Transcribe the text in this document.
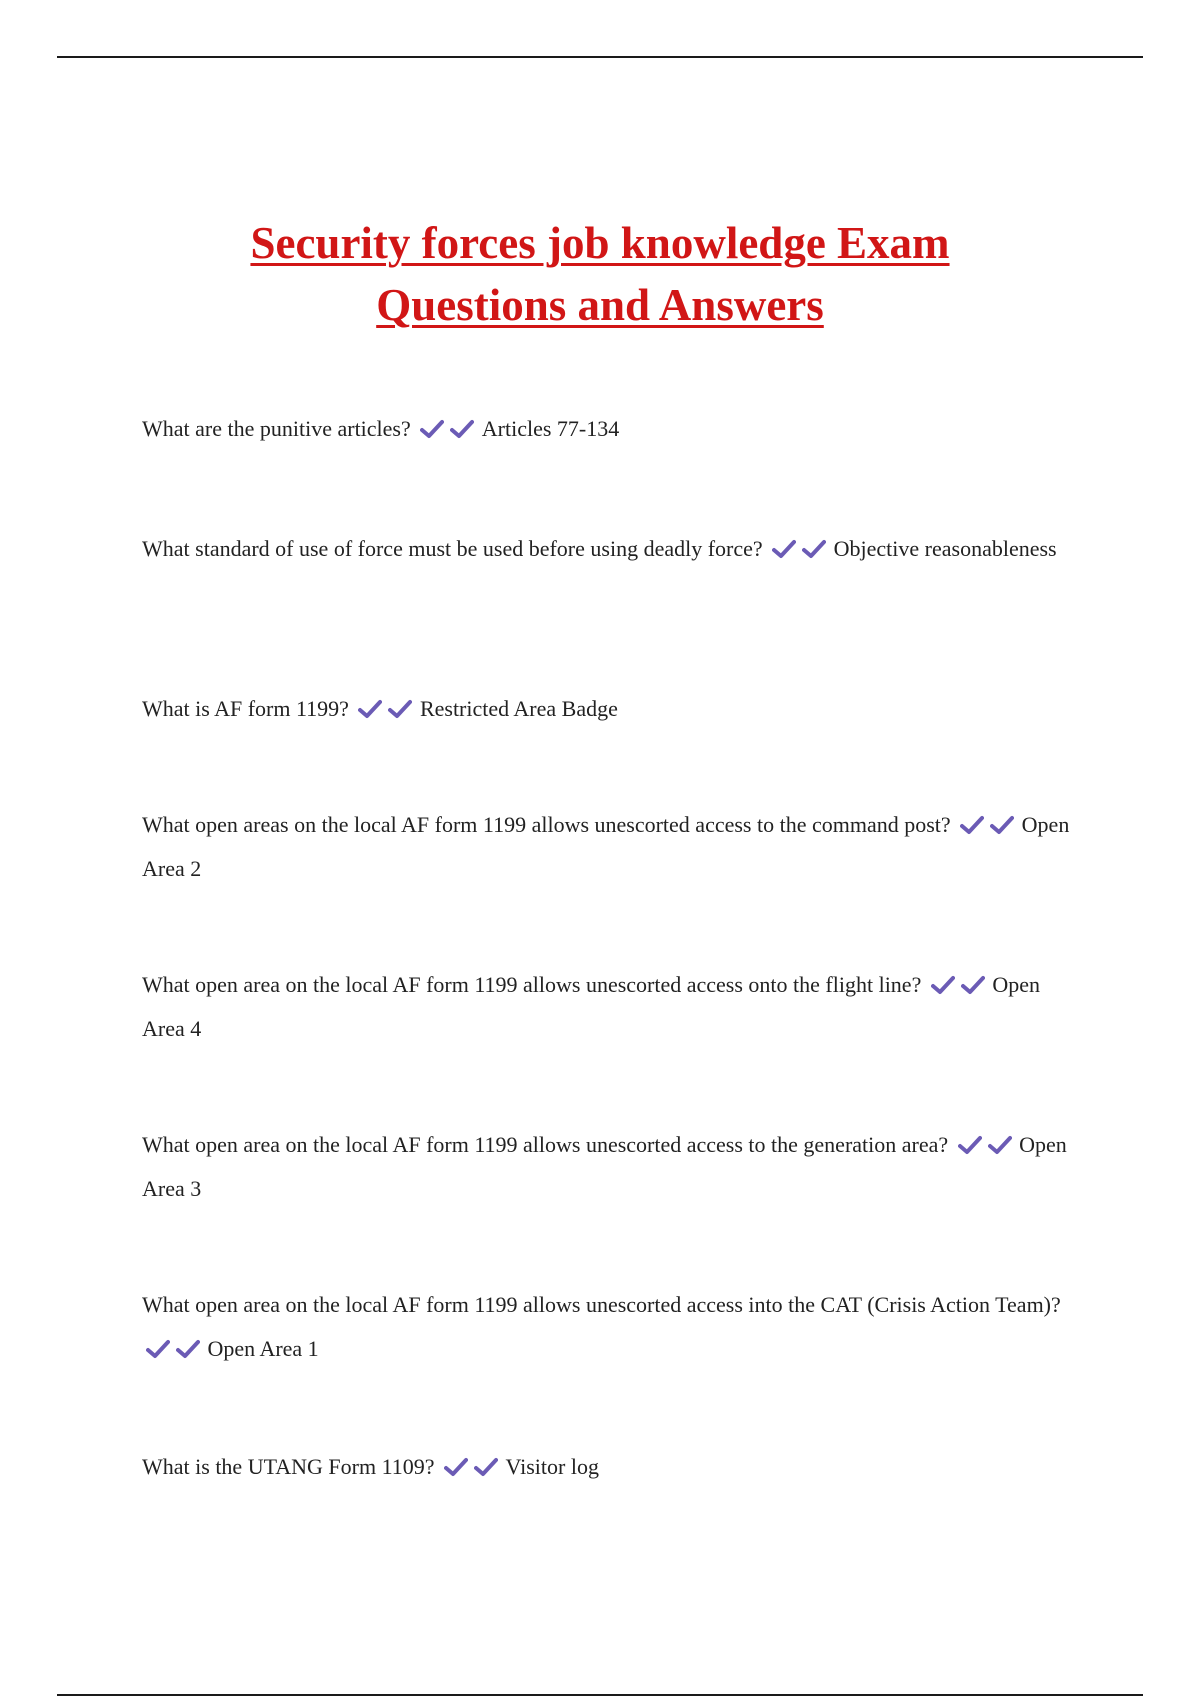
Security forces job knowledge Exam
Questions and Answers

What are the punitive articles?	Articles 77-134

What standard of use of force must be used before using deadly force?	Objective reasonableness

What is AF form 1199?	Restricted Area Badge

What open areas on the local AF form 1199 allows unescorted access to the command post?	Open Area 2

What open area on the local AF form 1199 allows unescorted access onto the flight line?	Open Area 4

What open area on the local AF form 1199 allows unescorted access to the generation area?	Open Area 3

What open area on the local AF form 1199 allows unescorted access into the CAT (Crisis Action Team)?  Open Area 1

What is the UTANG Form 1109?	Visitor log
